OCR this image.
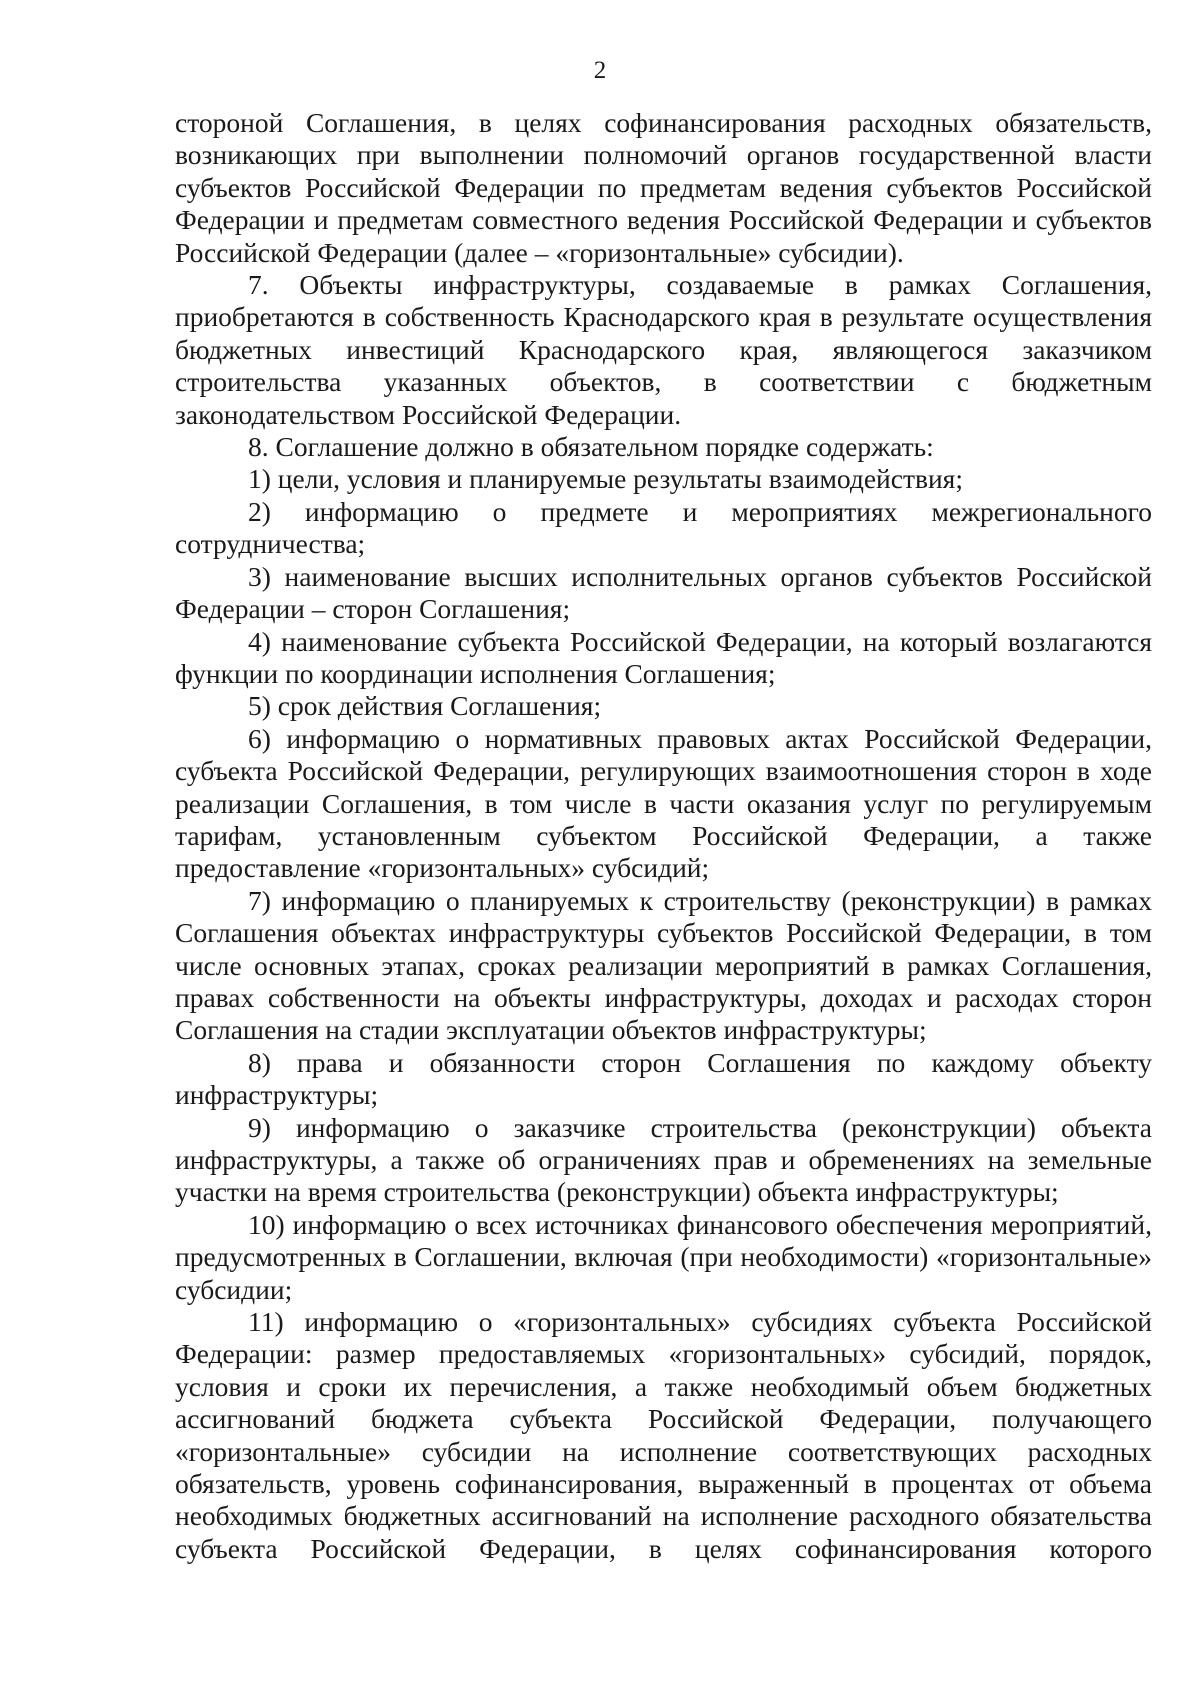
2

стороной Соглашения, в целях софинансирования расходных обязательств, возникающих при выполнении полномочий органов государственной власти субъектов Российской Федерации по предметам ведения субъектов Российской Федерации и предметам совместного ведения Российской Федерации и субъектов Российской Федерации (далее – «горизонтальные» субсидии).

7. Объекты инфраструктуры, создаваемые в рамках Соглашения, приобретаются в собственность Краснодарского края в результате осуществления бюджетных инвестиций Краснодарского края, являющегося заказчиком строительства указанных объектов, в соответствии с бюджетным законодательством Российской Федерации.

8. Соглашение должно в обязательном порядке содержать:

1) цели, условия и планируемые результаты взаимодействия;

2) информацию о предмете и мероприятиях межрегионального сотрудничества;

3) наименование высших исполнительных органов субъектов Российской Федерации – сторон Соглашения;

4) наименование субъекта Российской Федерации, на который возлагаются функции по координации исполнения Соглашения;

5) срок действия Соглашения;

6) информацию о нормативных правовых актах Российской Федерации, субъекта Российской Федерации, регулирующих взаимоотношения сторон в ходе реализации Соглашения, в том числе в части оказания услуг по регулируемым тарифам, установленным субъектом Российской Федерации, а также предоставление «горизонтальных» субсидий;

7) информацию о планируемых к строительству (реконструкции) в рамках Соглашения объектах инфраструктуры субъектов Российской Федерации, в том числе основных этапах, сроках реализации мероприятий в рамках Соглашения, правах собственности на объекты инфраструктуры, доходах и расходах сторон Соглашения на стадии эксплуатации объектов инфраструктуры;

8) права и обязанности сторон Соглашения по каждому объекту инфраструктуры;

9) информацию о заказчике строительства (реконструкции) объекта инфраструктуры, а также об ограничениях прав и обременениях на земельные участки на время строительства (реконструкции) объекта инфраструктуры;

10) информацию о всех источниках финансового обеспечения мероприятий, предусмотренных в Соглашении, включая (при необходимости) «горизонтальные» субсидии;

11) информацию о «горизонтальных» субсидиях субъекта Российской Федерации: размер предоставляемых «горизонтальных» субсидий, порядок, условия и сроки их перечисления, а также необходимый объем бюджетных ассигнований бюджета субъекта Российской Федерации, получающего «горизонтальные» субсидии на исполнение соответствующих расходных обязательств, уровень софинансирования, выраженный в процентах от объема необходимых бюджетных ассигнований на исполнение расходного обязательства субъекта Российской Федерации, в целях софинансирования которого
